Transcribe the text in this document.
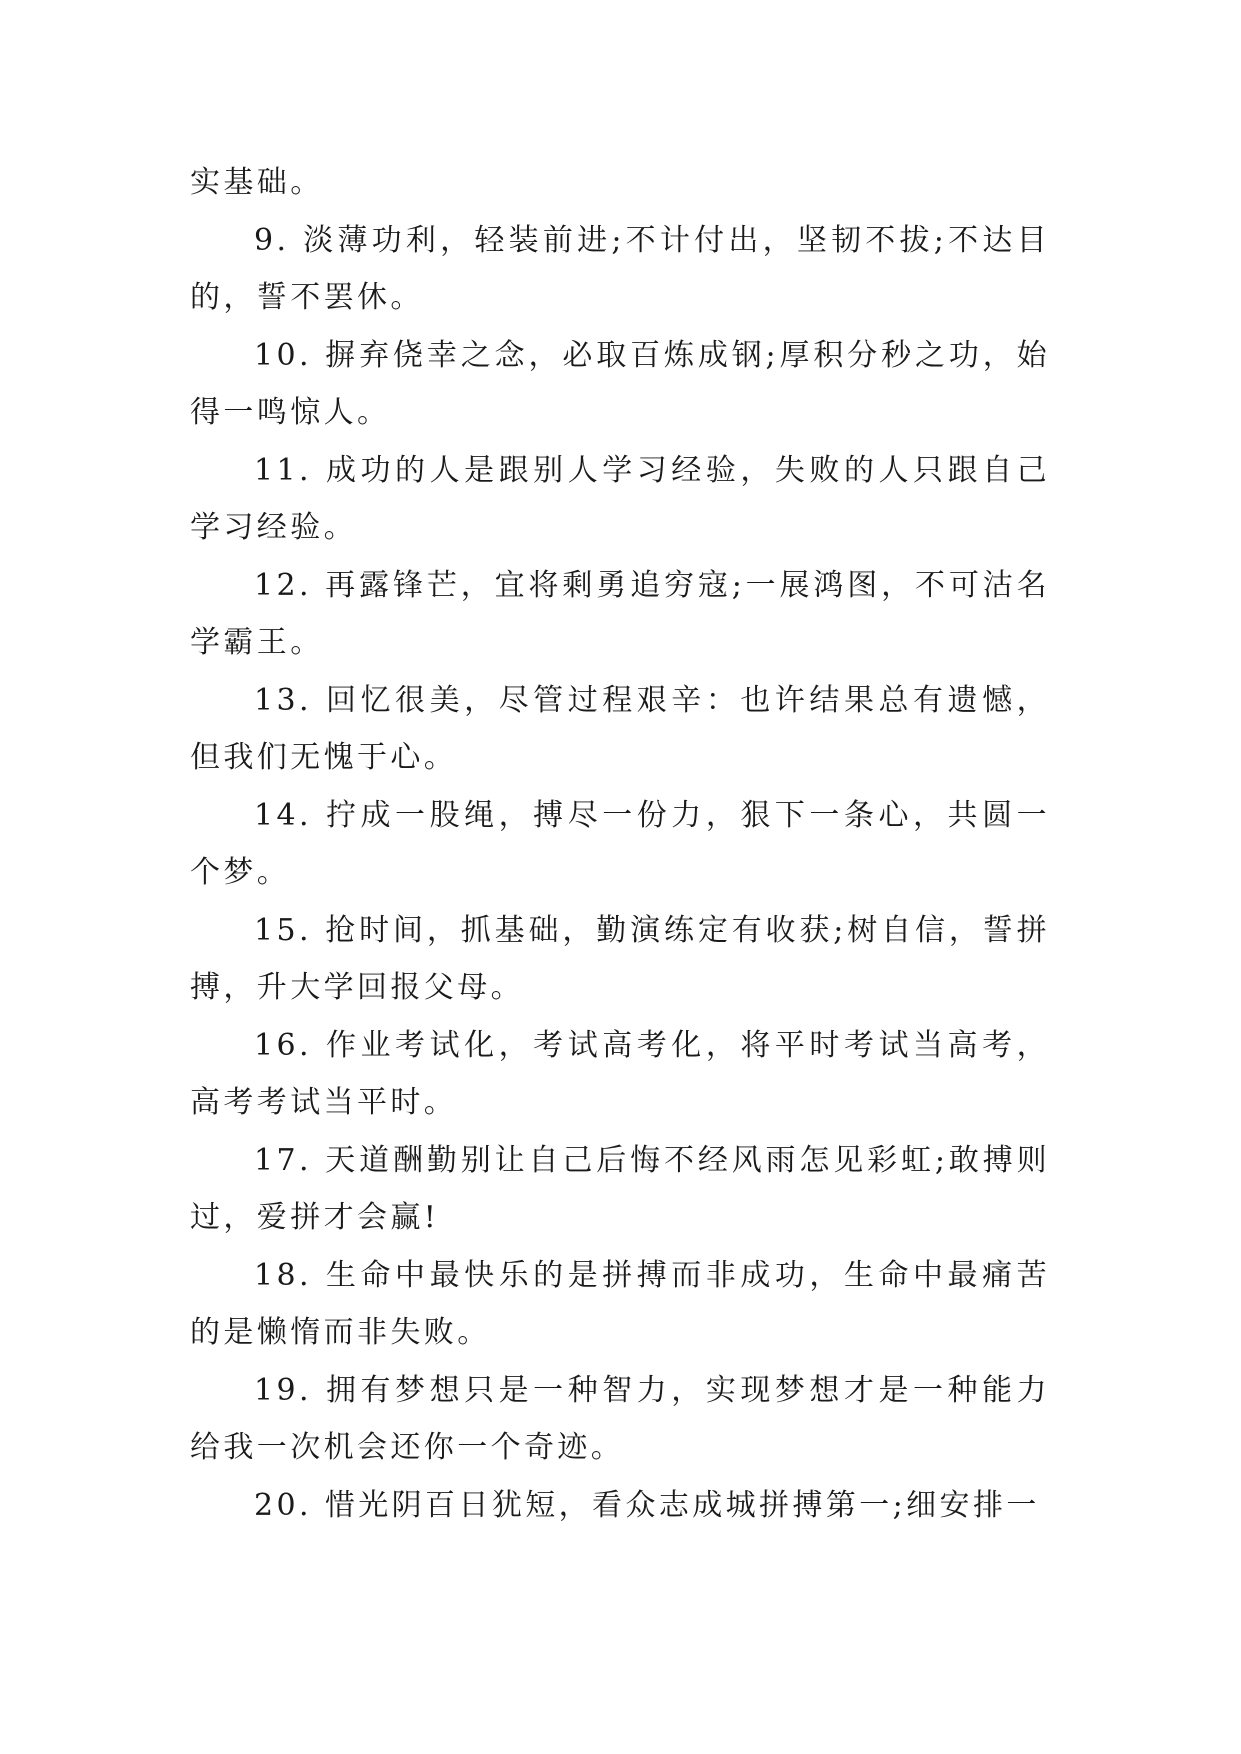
实基础。

9. 淡薄功利，轻装前进;不计付出，坚韧不拔;不达目的，誓不罢休。

10. 摒弃侥幸之念，必取百炼成钢;厚积分秒之功，始得一鸣惊人。

11. 成功的人是跟别人学习经验，失败的人只跟自己学习经验。

12. 再露锋芒，宜将剩勇追穷寇;一展鸿图，不可沽名学霸王。

13. 回忆很美，尽管过程艰辛：也许结果总有遗憾，但我们无愧于心。

14. 拧成一股绳，搏尽一份力，狠下一条心，共圆一个梦。

15. 抢时间，抓基础，勤演练定有收获;树自信，誓拼搏，升大学回报父母。

16. 作业考试化，考试高考化，将平时考试当高考，高考考试当平时。

17. 天道酬勤别让自己后悔不经风雨怎见彩虹;敢搏则过，爱拼才会赢!

18. 生命中最快乐的是拼搏而非成功，生命中最痛苦的是懒惰而非失败。

19. 拥有梦想只是一种智力，实现梦想才是一种能力给我一次机会还你一个奇迹。

20. 惜光阴百日犹短，看众志成城拼搏第一;细安排一
